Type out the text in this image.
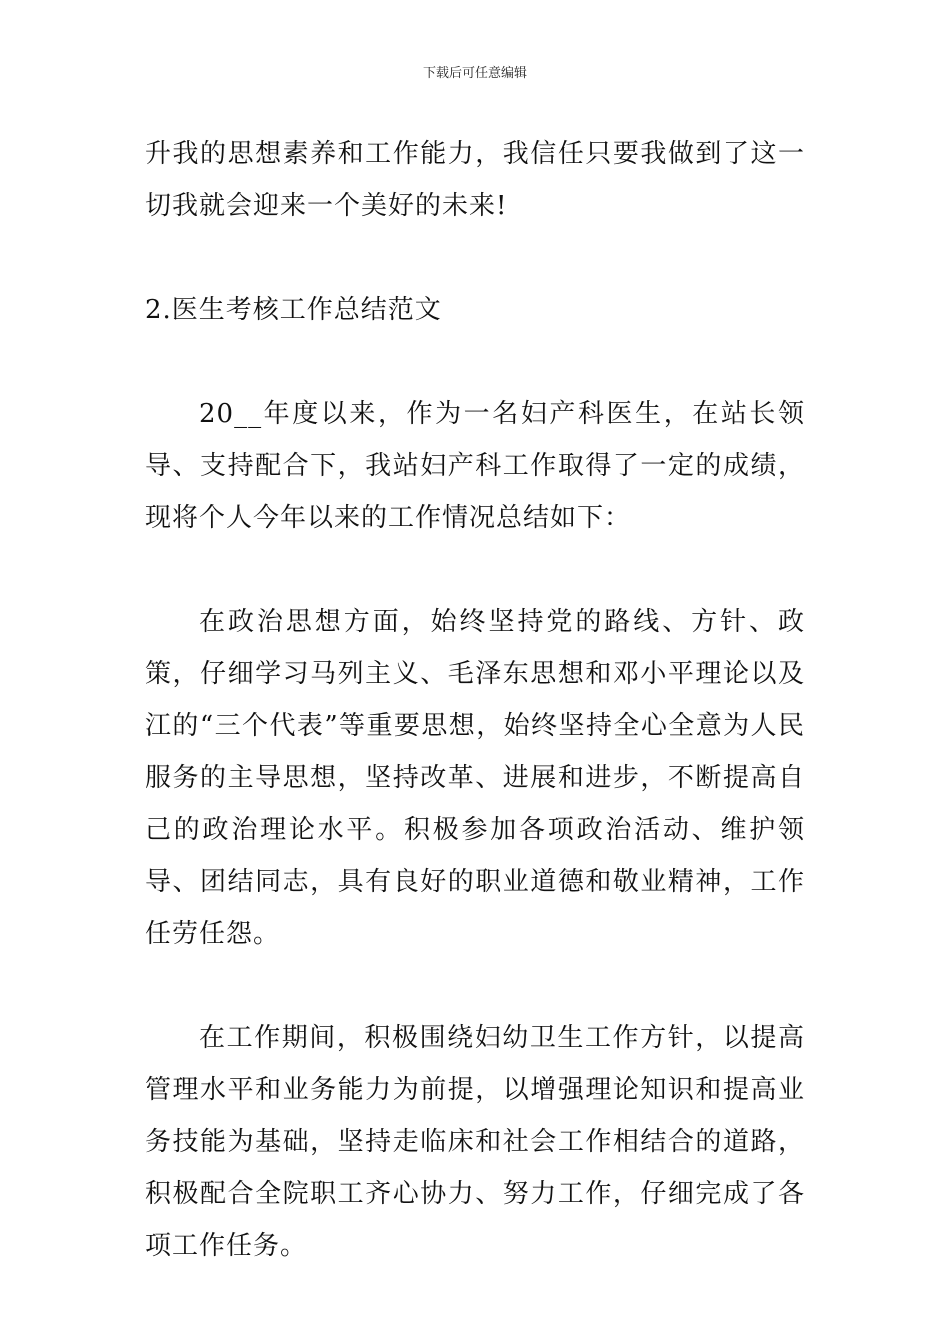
下载后可任意编辑

升我的思想素养和工作能力，我信任只要我做到了这一切我就会迎来一个美好的未来!

2.医生考核工作总结范文

20__年度以来，作为一名妇产科医生，在站长领导、支持配合下，我站妇产科工作取得了一定的成绩，现将个人今年以来的工作情况总结如下：

在政治思想方面，始终坚持党的路线、方针、政策，仔细学习马列主义、毛泽东思想和邓小平理论以及江的“三个代表”等重要思想，始终坚持全心全意为人民服务的主导思想，坚持改革、进展和进步，不断提高自己的政治理论水平。积极参加各项政治活动、维护领导、团结同志，具有良好的职业道德和敬业精神，工作任劳任怨。

在工作期间，积极围绕妇幼卫生工作方针，以提高管理水平和业务能力为前提，以增强理论知识和提高业务技能为基础，坚持走临床和社会工作相结合的道路，积极配合全院职工齐心协力、努力工作，仔细完成了各项工作任务。
